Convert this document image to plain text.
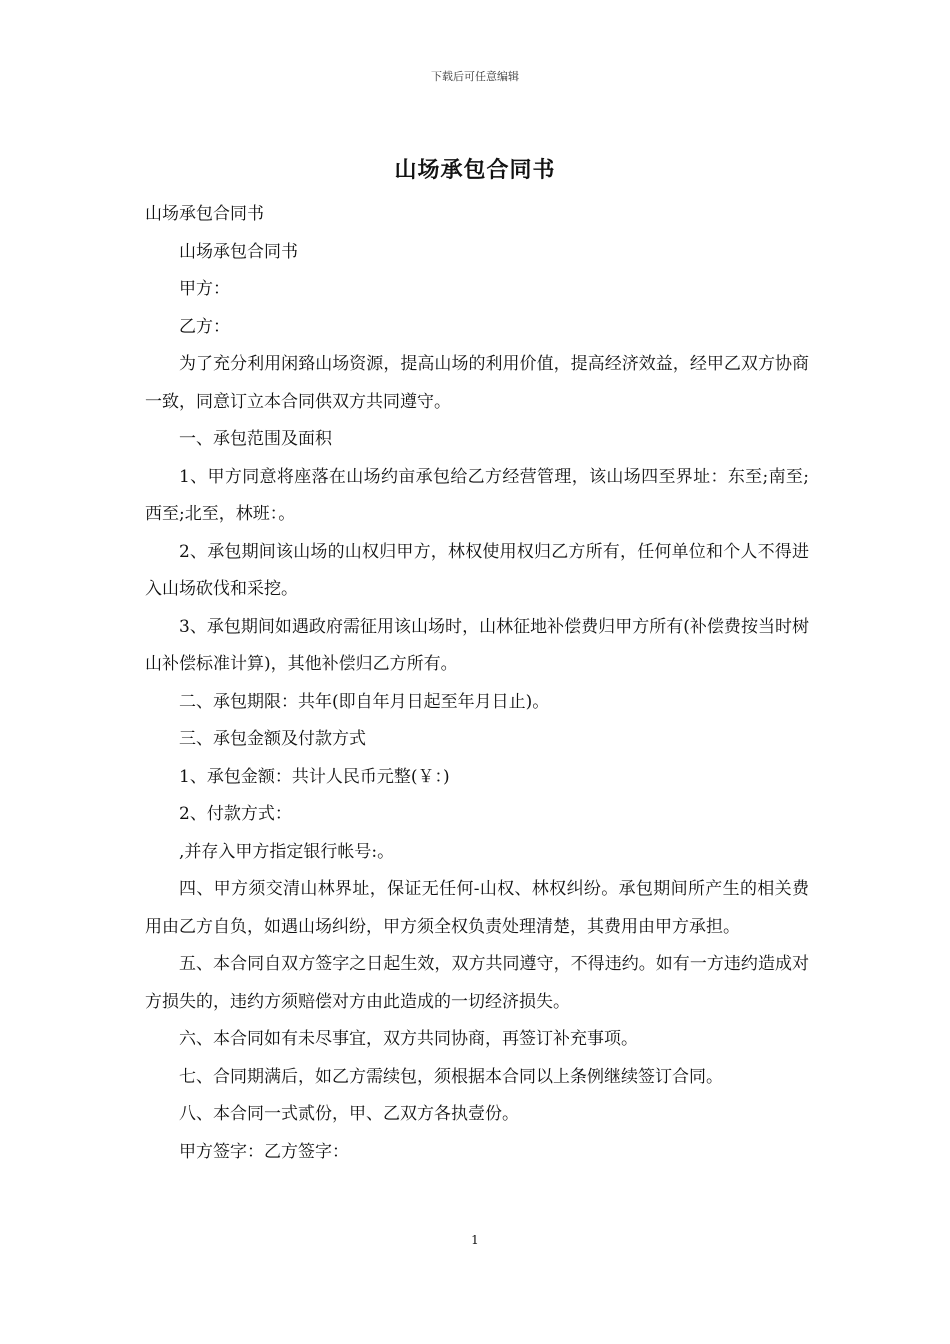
下载后可任意编辑
山场承包合同书

山场承包合同书

山场承包合同书

甲方：

乙方：

为了充分利用闲臵山场资源，提高山场的利用价值，提高经济效益，经甲乙双方协商一致，同意订立本合同供双方共同遵守。

一、承包范围及面积

1、甲方同意将座落在山场约亩承包给乙方经营管理，该山场四至界址：东至;南至;西至;北至，林班：。

2、承包期间该山场的山权归甲方，林权使用权归乙方所有，任何单位和个人不得进入山场砍伐和采挖。

3、承包期间如遇政府需征用该山场时，山林征地补偿费归甲方所有(补偿费按当时树山补偿标准计算)，其他补偿归乙方所有。

二、承包期限：共年(即自年月日起至年月日止)。

三、承包金额及付款方式

1、承包金额：共计人民币元整(￥：)

2、付款方式：

,并存入甲方指定银行帐号:。

四、甲方须交清山林界址，保证无任何-山权、林权纠纷。承包期间所产生的相关费用由乙方自负，如遇山场纠纷，甲方须全权负责处理清楚，其费用由甲方承担。

五、本合同自双方签字之日起生效，双方共同遵守，不得违约。如有一方违约造成对方损失的，违约方须赔偿对方由此造成的一切经济损失。

六、本合同如有未尽事宜，双方共同协商，再签订补充事项。

七、合同期满后，如乙方需续包，须根据本合同以上条例继续签订合同。

八、本合同一式贰份，甲、乙双方各执壹份。

甲方签字：乙方签字：

1
